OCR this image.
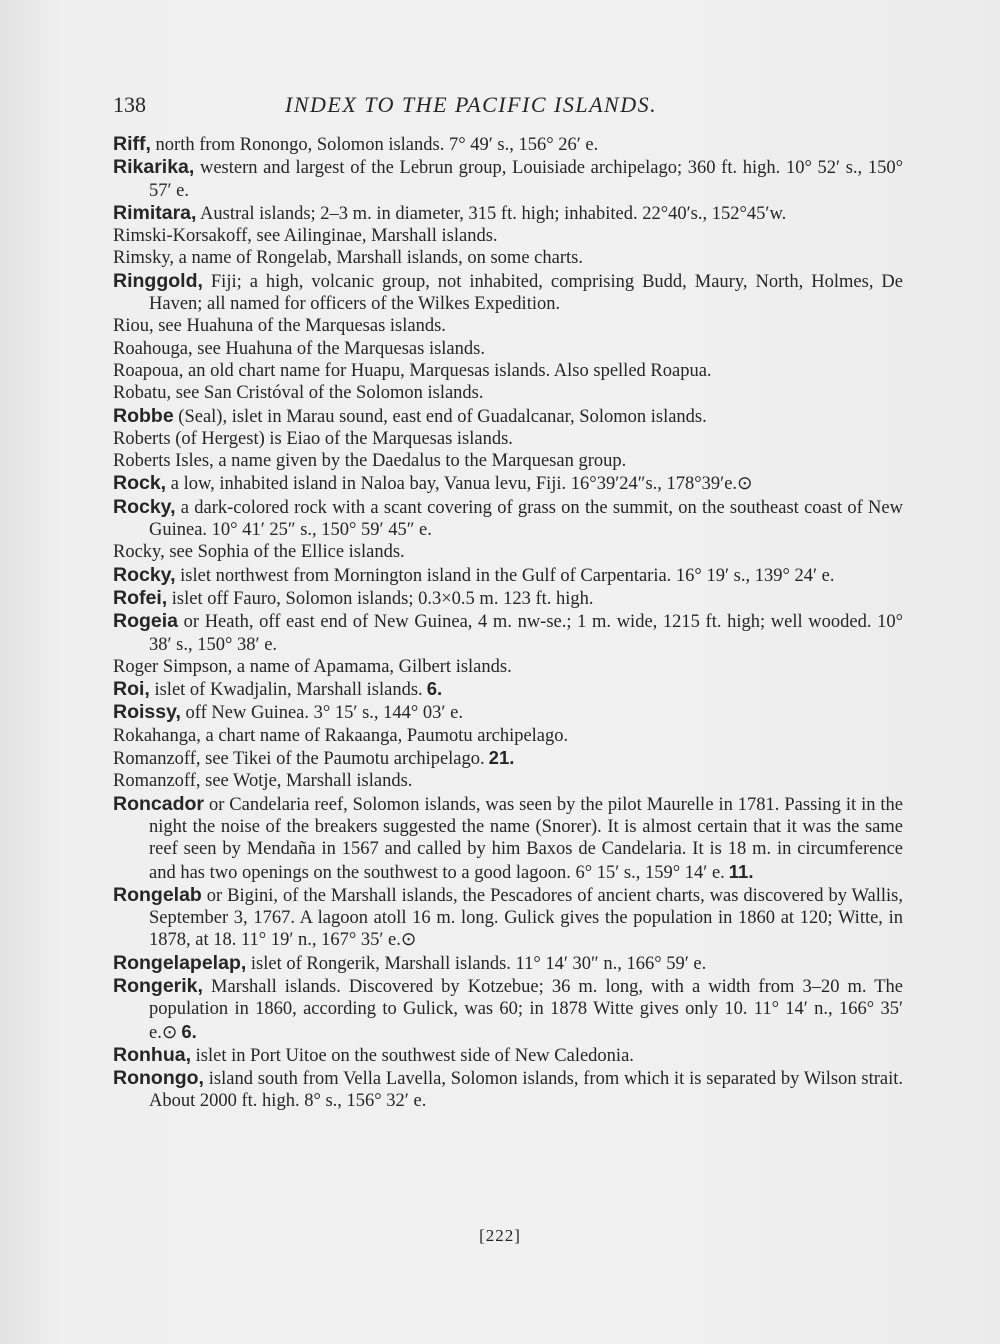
138	INDEX TO THE PACIFIC ISLANDS.

Riff, north from Ronongo, Solomon islands. 7° 49′ s., 156° 26′ e.

Rikarika, western and largest of the Lebrun group, Louisiade archipelago; 360 ft. high. 10° 52′ s., 150° 57′ e.

Rimitara, Austral islands; 2–3 m. in diameter, 315 ft. high; inhabited. 22°40′s., 152°45′w.

Rimski-Korsakoff, see Ailinginae, Marshall islands.

Rimsky, a name of Rongelab, Marshall islands, on some charts.

Ringgold, Fiji; a high, volcanic group, not inhabited, comprising Budd, Maury, North, Holmes, De Haven; all named for officers of the Wilkes Expedition.

Riou, see Huahuna of the Marquesas islands.

Roahouga, see Huahuna of the Marquesas islands.

Roapoua, an old chart name for Huapu, Marquesas islands. Also spelled Roapua.

Robatu, see San Cristóval of the Solomon islands.

Robbe (Seal), islet in Marau sound, east end of Guadalcanar, Solomon islands.

Roberts (of Hergest) is Eiao of the Marquesas islands.

Roberts Isles, a name given by the Daedalus to the Marquesan group.

Rock, a low, inhabited island in Naloa bay, Vanua levu, Fiji. 16°39′24″s., 178°39′e.⊙

Rocky, a dark-colored rock with a scant covering of grass on the summit, on the southeast coast of New Guinea. 10° 41′ 25″ s., 150° 59′ 45″ e.

Rocky, see Sophia of the Ellice islands.

Rocky, islet northwest from Mornington island in the Gulf of Carpentaria. 16° 19′ s., 139° 24′ e.

Rofei, islet off Fauro, Solomon islands; 0.3×0.5 m. 123 ft. high.

Rogeia or Heath, off east end of New Guinea, 4 m. nw-se.; 1 m. wide, 1215 ft. high; well wooded. 10° 38′ s., 150° 38′ e.

Roger Simpson, a name of Apamama, Gilbert islands.

Roi, islet of Kwadjalin, Marshall islands. 6.

Roissy, off New Guinea. 3° 15′ s., 144° 03′ e.

Rokahanga, a chart name of Rakaanga, Paumotu archipelago.

Romanzoff, see Tikei of the Paumotu archipelago. 21.

Romanzoff, see Wotje, Marshall islands.

Roncador or Candelaria reef, Solomon islands, was seen by the pilot Maurelle in 1781. Passing it in the night the noise of the breakers suggested the name (Snorer). It is almost certain that it was the same reef seen by Mendaña in 1567 and called by him Baxos de Candelaria. It is 18 m. in circumference and has two openings on the southwest to a good lagoon. 6° 15′ s., 159° 14′ e. 11.

Rongelab or Bigini, of the Marshall islands, the Pescadores of ancient charts, was discovered by Wallis, September 3, 1767. A lagoon atoll 16 m. long. Gulick gives the population in 1860 at 120; Witte, in 1878, at 18. 11° 19′ n., 167° 35′ e.⊙

Rongelapelap, islet of Rongerik, Marshall islands. 11° 14′ 30″ n., 166° 59′ e.

Rongerik, Marshall islands. Discovered by Kotzebue; 36 m. long, with a width from 3–20 m. The population in 1860, according to Gulick, was 60; in 1878 Witte gives only 10. 11° 14′ n., 166° 35′ e.⊙ 6.

Ronhua, islet in Port Uitoe on the southwest side of New Caledonia.

Ronongo, island south from Vella Lavella, Solomon islands, from which it is separated by Wilson strait. About 2000 ft. high. 8° s., 156° 32′ e.

[222]
